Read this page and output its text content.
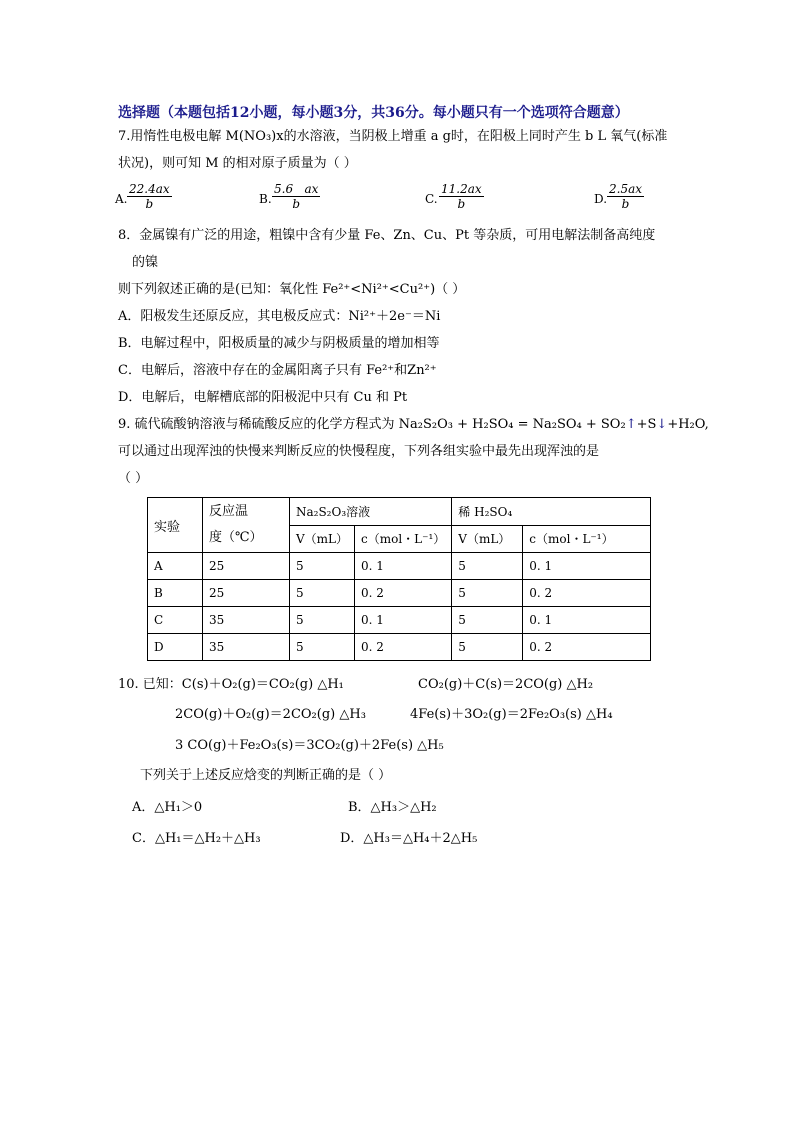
选择题（本题包括12小题，每小题3分，共36分。每小题只有一个选项符合题意）
7.用惰性电极电解 M(NO₃)x的水溶液，当阴极上增重 a g时，在阳极上同时产生 b L 氧气(标准
状况)，则可知 M 的相对原子质量为（ ）
A. $\frac{22.4ax}{b}$	B. $\frac{5.6 ax}{b}$	C. $\frac{11.2ax}{b}$	D. $\frac{2.5ax}{b}$
8．金属镍有广泛的用途，粗镍中含有少量 Fe、Zn、Cu、Pt 等杂质，可用电解法制备高纯度
的镍
则下列叙述正确的是(已知：氧化性 Fe²⁺<Ni²⁺<Cu²⁺)（ ）
A．阳极发生还原反应，其电极反应式：Ni²⁺＋2e⁻＝Ni
B．电解过程中，阳极质量的减少与阴极质量的增加相等
C．电解后，溶液中存在的金属阳离子只有 Fe²⁺和Zn²⁺
D．电解后，电解槽底部的阳极泥中只有 Cu 和 Pt
9. 硫代硫酸钠溶液与稀硫酸反应的化学方程式为 Na₂S₂O₃ + H₂SO₄ = Na₂SO₄ + SO₂↑+S↓+H₂O,
可以通过出现浑浊的快慢来判断反应的快慢程度，下列各组实验中最先出现浑浊的是
（ ）
实验	反应温
度（℃）	Na₂S₂O₃溶液		稀 H₂SO₄	
		V（mL）	c（mol・L⁻¹）	V（mL）	c（mol・L⁻¹）
A	25	5	0. 1	5	0. 1
B	25	5	0. 2	5	0. 2
C	35	5	0. 1	5	0. 1
D	35	5	0. 2	5	0. 2
10. 已知：C(s)＋O₂(g)＝CO₂(g) △H₁	CO₂(g)＋C(s)＝2CO(g) △H₂
2CO(g)＋O₂(g)＝2CO₂(g) △H₃	4Fe(s)＋3O₂(g)＝2Fe₂O₃(s) △H₄
3 CO(g)＋Fe₂O₃(s)＝3CO₂(g)＋2Fe(s) △H₅
下列关于上述反应焓变的判断正确的是（ ）
A．△H₁＞0	B．△H₃＞△H₂
C．△H₁＝△H₂＋△H₃	D．△H₃＝△H₄＋2△H₅
